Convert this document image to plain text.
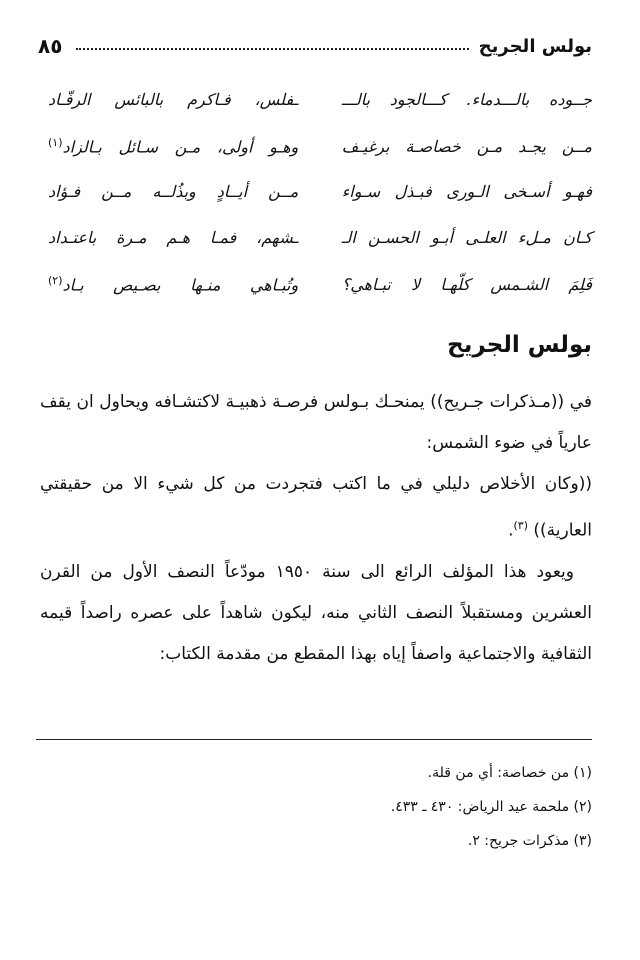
٨٥	بولس الجريح
جــوده بالـــدماء. كـــالجود بالـــ
ـفلس، فـاكرم بالبائس الرفّـاد
مــن يجـد مـن خصاصـة برغيـف
وهـو أولى، مـن سـائل بـالزاد$^{(١)}$
فهـو أسـخى الـورى فبـذل سـواء
مــن أيــادٍ وبذُلــه مــن فـؤاد
كـان مـلء العلـى أبـو الحسـن الـ
ـشهم، فمـا هـم مـرة باعتـداد
فَلِمَ الشـمس كلّهـا لا تبـاهي؟
وتُبـاهي منـها بصـيص بـاد$^{(٢)}$
بولس الجريح

في ((مـذكرات جـريح)) يمنحـك بـولس فرصـة ذهبيـة لاكتشـافه ويحاول ان يقف عارياً في ضوء الشمس:

((وكان الأخلاص دليلي في ما اكتب فتجردت من كل شيء الا من حقيقتي العارية)) $^{(٣)}$.

ويعود هذا المؤلف الرائع الى سنة ١٩٥٠ مودّعاً النصف الأول من القرن العشرين ومستقبلاً النصف الثاني منه، ليكون شاهداً على عصره راصداً قيمه الثقافية والاجتماعية واصفاً إياه بهذا المقطع من مقدمة الكتاب:

(١) من خصاصة: أي من قلة.
(٢) ملحمة عيد الرياض: ٤٣٠ ـ ٤٣٣.
(٣) مذكرات جريح: ٢.
